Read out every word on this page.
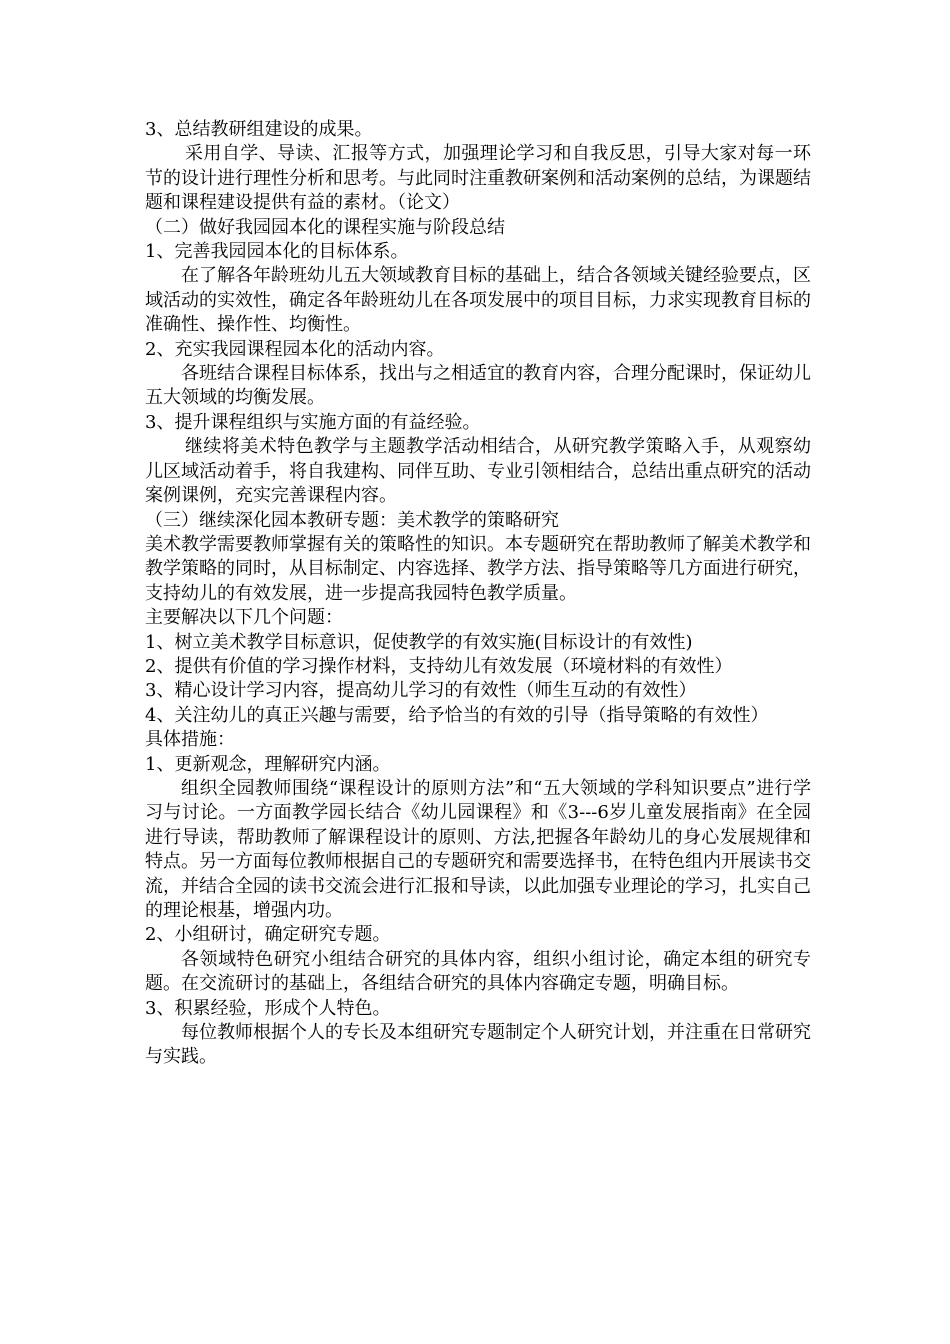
3、总结教研组建设的成果。

采用自学、导读、汇报等方式，加强理论学习和自我反思，引导大家对每一环节的设计进行理性分析和思考。与此同时注重教研案例和活动案例的总结，为课题结题和课程建设提供有益的素材。（论文）

（二）做好我园园本化的课程实施与阶段总结

1、完善我园园本化的目标体系。

在了解各年龄班幼儿五大领域教育目标的基础上，结合各领域关键经验要点，区域活动的实效性，确定各年龄班幼儿在各项发展中的项目目标，力求实现教育目标的准确性、操作性、均衡性。

2、充实我园课程园本化的活动内容。

各班结合课程目标体系，找出与之相适宜的教育内容，合理分配课时，保证幼儿五大领域的均衡发展。

3、提升课程组织与实施方面的有益经验。

继续将美术特色教学与主题教学活动相结合，从研究教学策略入手，从观察幼儿区域活动着手，将自我建构、同伴互助、专业引领相结合，总结出重点研究的活动案例课例，充实完善课程内容。

（三）继续深化园本教研专题：美术教学的策略研究

美术教学需要教师掌握有关的策略性的知识。本专题研究在帮助教师了解美术教学和教学策略的同时，从目标制定、内容选择、教学方法、指导策略等几方面进行研究，支持幼儿的有效发展，进一步提高我园特色教学质量。

主要解决以下几个问题：

1、树立美术教学目标意识，促使教学的有效实施(目标设计的有效性)

2、提供有价值的学习操作材料，支持幼儿有效发展（环境材料的有效性）

3、精心设计学习内容，提高幼儿学习的有效性（师生互动的有效性）

4、关注幼儿的真正兴趣与需要，给予恰当的有效的引导（指导策略的有效性）

具体措施：

1、更新观念，理解研究内涵。

组织全园教师围绕“课程设计的原则方法”和“五大领域的学科知识要点”进行学习与讨论。一方面教学园长结合《幼儿园课程》和《3---6岁儿童发展指南》在全园进行导读，帮助教师了解课程设计的原则、方法,把握各年龄幼儿的身心发展规律和特点。另一方面每位教师根据自己的专题研究和需要选择书，在特色组内开展读书交流，并结合全园的读书交流会进行汇报和导读，以此加强专业理论的学习，扎实自己的理论根基，增强内功。

2、小组研讨，确定研究专题。

各领域特色研究小组结合研究的具体内容，组织小组讨论，确定本组的研究专题。在交流研讨的基础上，各组结合研究的具体内容确定专题，明确目标。

3、积累经验，形成个人特色。

每位教师根据个人的专长及本组研究专题制定个人研究计划，并注重在日常研究与实践。
